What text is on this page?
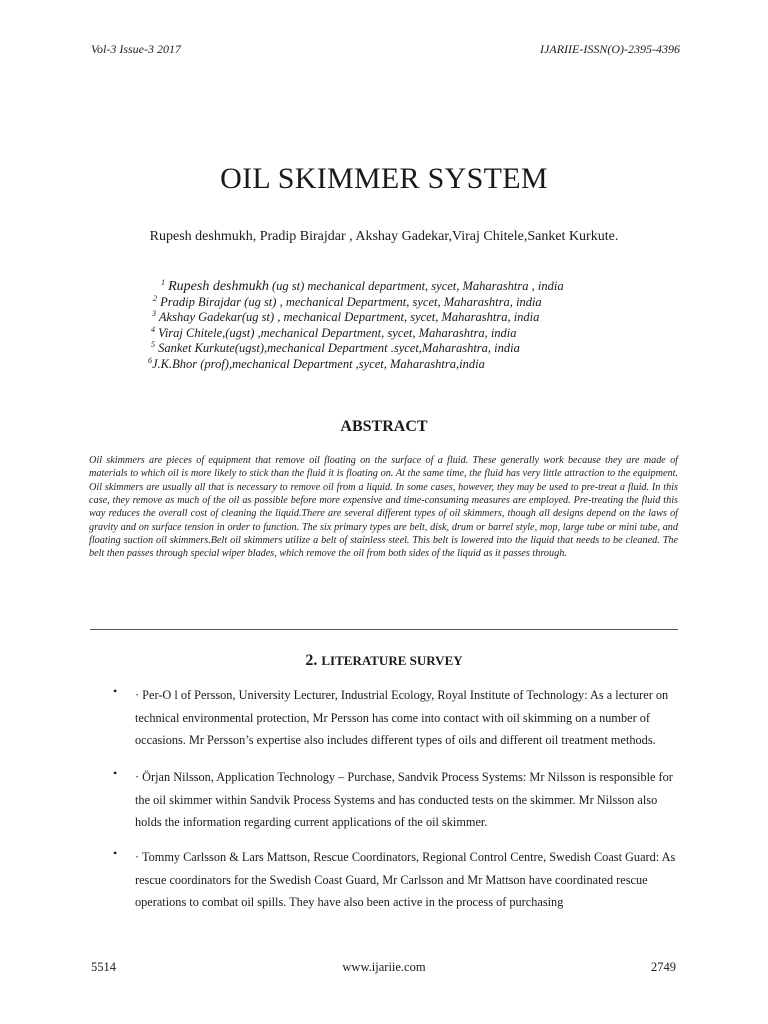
Vol-3 Issue-3 2017	IJARIIE-ISSN(O)-2395-4396
OIL SKIMMER SYSTEM
Rupesh deshmukh, Pradip Birajdar , Akshay Gadekar,Viraj Chitele,Sanket Kurkute.
$^1$ Rupesh deshmukh (ug st) mechanical department, sycet, Maharashtra , india
$^2$ Pradip Birajdar (ug st) , mechanical Department, sycet, Maharashtra, india
$^3$ Akshay Gadekar(ug st) , mechanical Department, sycet, Maharashtra, india
$^4$ Viraj Chitele,(ugst) ,mechanical Department, sycet, Maharashtra, india
$^5$ Sanket Kurkute(ugst),mechanical Department .sycet,Maharashtra, india
$^6$J.K.Bhor (prof),mechanical Department ,sycet, Maharashtra,india
ABSTRACT
Oil skimmers are pieces of equipment that remove oil floating on the surface of a fluid. These generally work because they are made of materials to which oil is more likely to stick than the fluid it is floating on. At the same time, the fluid has very little attraction to the equipment. Oil skimmers are usually all that is necessary to remove oil from a liquid. In some cases, however, they may be used to pre-treat a fluid. In this case, they remove as much of the oil as possible before more expensive and time-consuming measures are employed. Pre-treating the fluid this way reduces the overall cost of cleaning the liquid.There are several different types of oil skimmers, though all designs depend on the laws of gravity and on surface tension in order to function. The six primary types are belt, disk, drum or barrel style, mop, large tube or mini tube, and floating suction oil skimmers.Belt oil skimmers utilize a belt of stainless steel. This belt is lowered into the liquid that needs to be cleaned. The belt then passes through special wiper blades, which remove the oil from both sides of the liquid as it passes through.
2. LITERATURE SURVEY
• · Per-O l of Persson, University Lecturer, Industrial Ecology, Royal Institute of Technology: As a lecturer on technical environmental protection, Mr Persson has come into contact with oil skimming on a number of occasions. Mr Persson’s expertise also includes different types of oils and different oil treatment methods.
• · Örjan Nilsson, Application Technology – Purchase, Sandvik Process Systems: Mr Nilsson is responsible for the oil skimmer within Sandvik Process Systems and has conducted tests on the skimmer. Mr Nilsson also holds the information regarding current applications of the oil skimmer.
• · Tommy Carlsson & Lars Mattson, Rescue Coordinators, Regional Control Centre, Swedish Coast Guard: As rescue coordinators for the Swedish Coast Guard, Mr Carlsson and Mr Mattson have coordinated rescue operations to combat oil spills. They have also been active in the process of purchasing
5514	www.ijariie.com	2749
